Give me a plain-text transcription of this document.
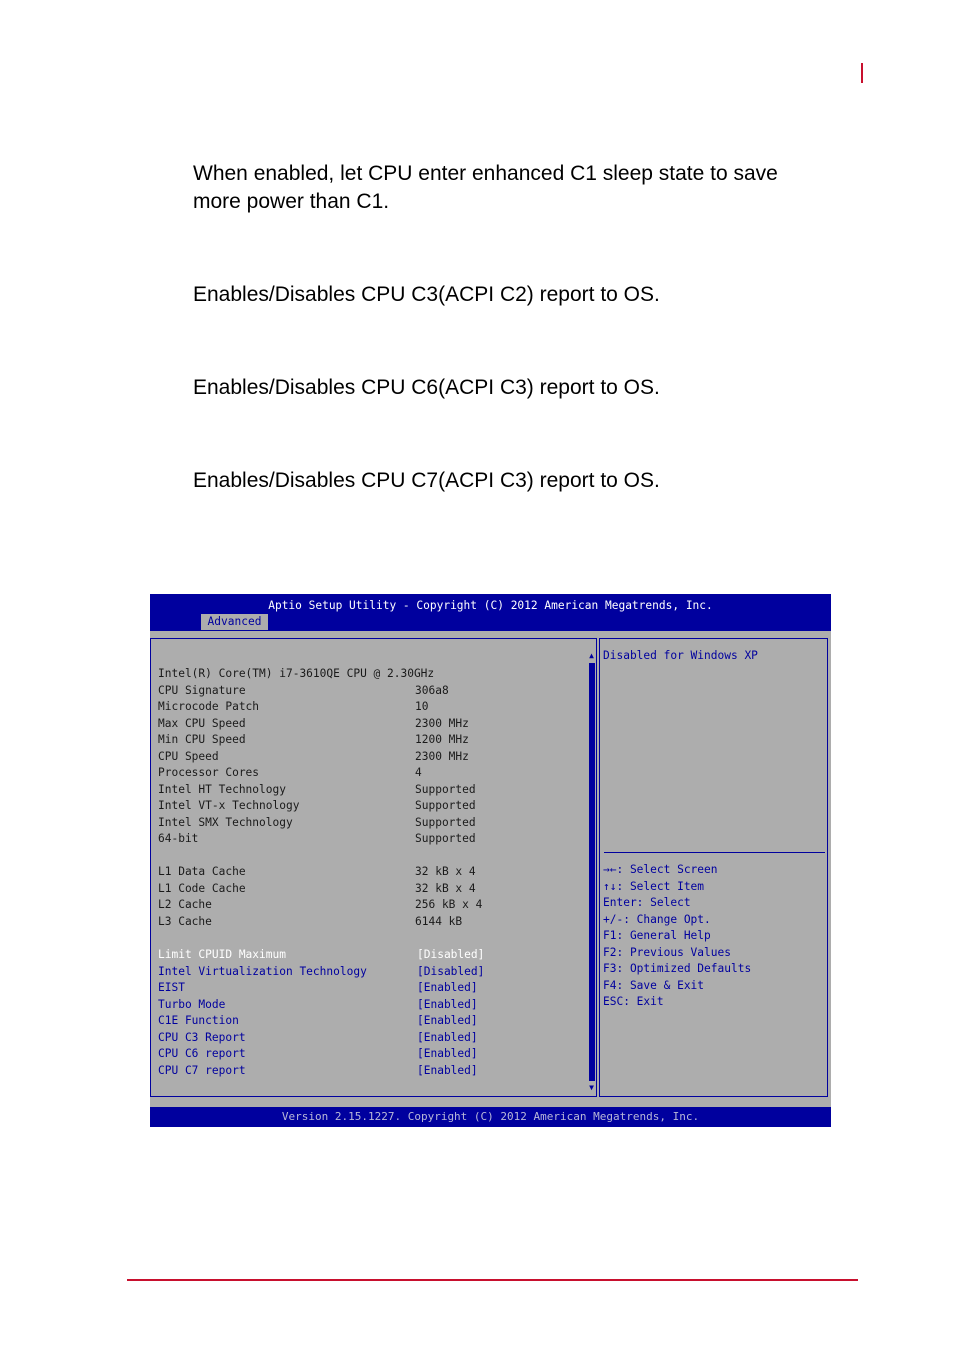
When enabled, let CPU enter enhanced C1 sleep state to save
more power than C1.

Enables/Disables CPU C3(ACPI C2) report to OS.

Enables/Disables CPU C6(ACPI C3) report to OS.

Enables/Disables CPU C7(ACPI C3) report to OS.

Aptio Setup Utility - Copyright (C) 2012 American Megatrends, Inc.
Advanced
Intel(R) Core(TM) i7-3610QE CPU @ 2.30GHz
CPU Signature	306a8
Microcode Patch	10
Max CPU Speed	2300 MHz
Min CPU Speed	1200 MHz
CPU Speed	2300 MHz
Processor Cores	4
Intel HT Technology	Supported
Intel VT-x Technology	Supported
Intel SMX Technology	Supported
64-bit	Supported
L1 Data Cache	32 kB x 4
L1 Code Cache	32 kB x 4
L2 Cache	256 kB x 4
L3 Cache	6144 kB
Limit CPUID Maximum	[Disabled]
Intel Virtualization Technology	[Disabled]
EIST	[Enabled]
Turbo Mode	[Enabled]
C1E Function	[Enabled]
CPU C3 Report	[Enabled]
CPU C6 report	[Enabled]
CPU C7 report	[Enabled]
▲
▼
Disabled for Windows XP
→←: Select Screen
↑↓: Select Item
Enter: Select
+/-: Change Opt.
F1: General Help
F2: Previous Values
F3: Optimized Defaults
F4: Save & Exit
ESC: Exit
Version 2.15.1227. Copyright (C) 2012 American Megatrends, Inc.
